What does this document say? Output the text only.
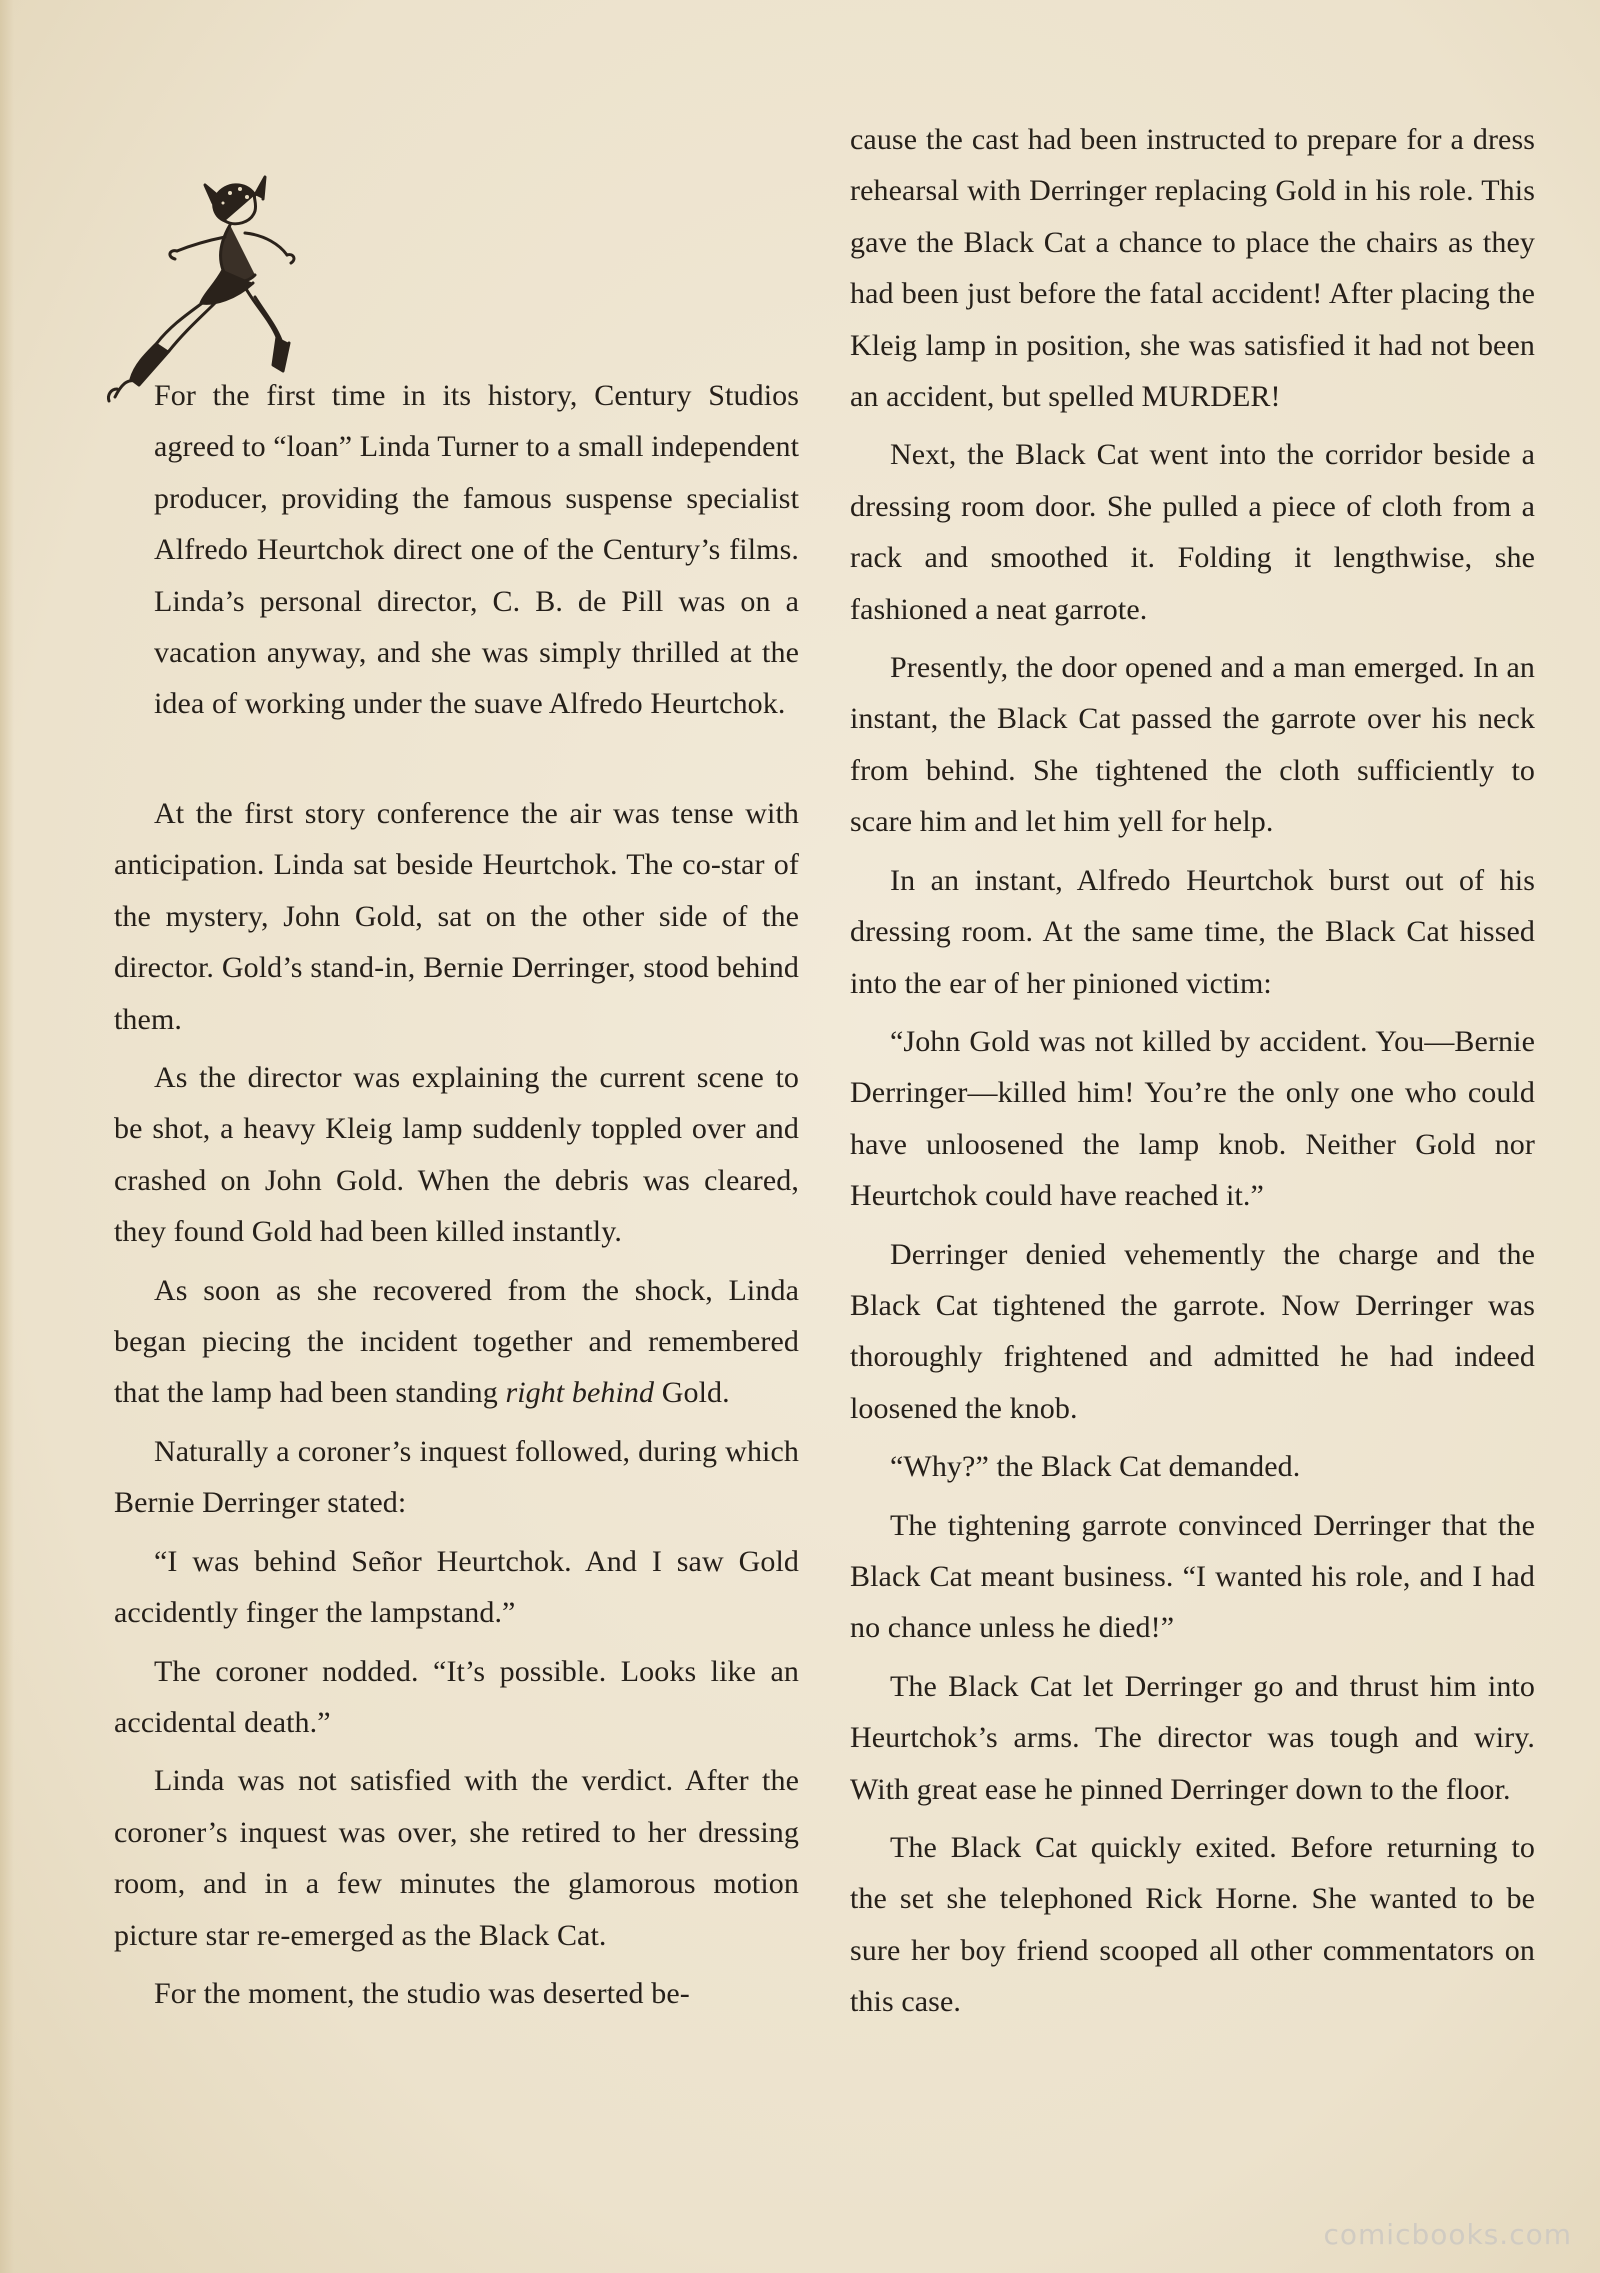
For the first time in its history, Century Studios agreed to “loan” Linda Turner to a small independent producer, providing the famous suspense specialist Alfredo Heurtchok direct one of the Century’s films. Linda’s personal director, C. B. de Pill was on a vacation anyway, and she was simply thrilled at the idea of working under the suave Alfredo Heurtchok.

At the first story conference the air was tense with anticipation. Linda sat beside Heurtchok. The co-star of the mystery, John Gold, sat on the other side of the director. Gold’s stand-in, Bernie Derringer, stood behind them.

As the director was explaining the current scene to be shot, a heavy Kleig lamp suddenly toppled over and crashed on John Gold. When the debris was cleared, they found Gold had been killed instantly.

As soon as she recovered from the shock, Linda began piecing the incident together and remembered that the lamp had been standing right behind Gold.

Naturally a coroner’s inquest followed, during which Bernie Derringer stated:

“I was behind Señor Heurtchok. And I saw Gold accidently finger the lampstand.”

The coroner nodded. “It’s possible. Looks like an accidental death.”

Linda was not satisfied with the verdict. After the coroner’s inquest was over, she retired to her dressing room, and in a few minutes the glamorous motion picture star re-emerged as the Black Cat.

For the moment, the studio was deserted be-

cause the cast had been instructed to prepare for a dress rehearsal with Derringer replacing Gold in his role. This gave the Black Cat a chance to place the chairs as they had been just before the fatal accident! After placing the Kleig lamp in position, she was satisfied it had not been an accident, but spelled MURDER!

Next, the Black Cat went into the corridor beside a dressing room door. She pulled a piece of cloth from a rack and smoothed it. Folding it lengthwise, she fashioned a neat garrote.

Presently, the door opened and a man emerged. In an instant, the Black Cat passed the garrote over his neck from behind. She tightened the cloth sufficiently to scare him and let him yell for help.

In an instant, Alfredo Heurtchok burst out of his dressing room. At the same time, the Black Cat hissed into the ear of her pinioned victim:

“John Gold was not killed by accident. You—Bernie Derringer—killed him! You’re the only one who could have unloosened the lamp knob. Neither Gold nor Heurtchok could have reached it.”

Derringer denied vehemently the charge and the Black Cat tightened the garrote. Now Derringer was thoroughly frightened and admitted he had indeed loosened the knob.

“Why?” the Black Cat demanded.

The tightening garrote convinced Derringer that the Black Cat meant business. “I wanted his role, and I had no chance unless he died!”

The Black Cat let Derringer go and thrust him into Heurtchok’s arms. The director was tough and wiry. With great ease he pinned Derringer down to the floor.

The Black Cat quickly exited. Before returning to the set she telephoned Rick Horne. She wanted to be sure her boy friend scooped all other commentators on this case.

comicbooks.com
